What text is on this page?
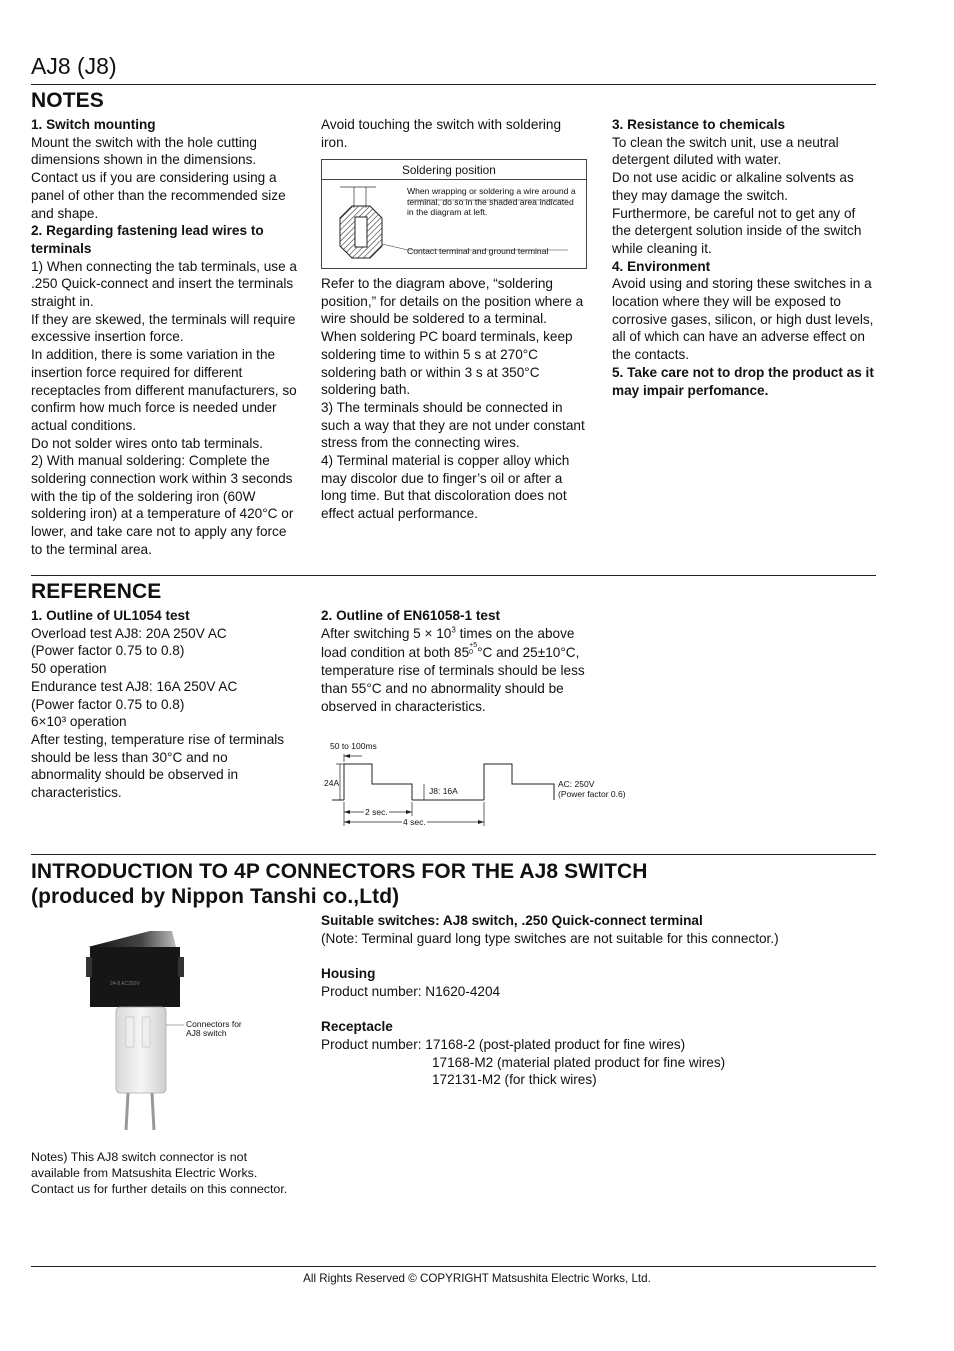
AJ8 (J8)
NOTES

1. Switch mounting

Mount the switch with the hole cutting dimensions shown in the dimensions. Contact us if you are considering using a panel of other than the recommended size and shape.

2. Regarding fastening lead wires to terminals

1) When connecting the tab terminals, use a .250 Quick-connect and insert the terminals straight in.

If they are skewed, the terminals will require excessive insertion force.

In addition, there is some variation in the insertion force required for different receptacles from different manufacturers, so confirm how much force is needed under actual conditions.

Do not solder wires onto tab terminals.

2) With manual soldering: Complete the soldering connection work within 3 seconds with the tip of the soldering iron (60W soldering iron) at a temperature of 420°C or lower, and take care not to apply any force to the terminal area.

Avoid touching the switch with soldering iron.

Soldering position
When wrapping or soldering a wire around a terminal, do so in the shaded area indicated in the diagram at left.
Contact terminal and ground terminal

Refer to the diagram above, “soldering position,” for details on the position where a wire should be soldered to a terminal.

When soldering PC board terminals, keep soldering time to within 5 s at 270°C soldering bath or within 3 s at 350°C soldering bath.

3) The terminals should be connected in such a way that they are not under constant stress from the connecting wires.

4) Terminal material is copper alloy which may discolor due to finger’s oil or after a long time. But that discoloration does not effect actual performance.

3. Resistance to chemicals

To clean the switch unit, use a neutral detergent diluted with water.

Do not use acidic or alkaline solvents as they may damage the switch.

Furthermore, be careful not to get any of the detergent solution inside of the switch while cleaning it.

4. Environment

Avoid using and storing these switches in a location where they will be exposed to corrosive gases, silicon, or high dust levels, all of which can have an adverse effect on the contacts.

5. Take care not to drop the product as it may impair perfomance.

REFERENCE

1. Outline of UL1054 test

Overload test AJ8: 20A 250V AC

(Power factor 0.75 to 0.8)

50 operation

Endurance test AJ8: 16A 250V AC

(Power factor 0.75 to 0.8)

6×10³ operation

After testing, temperature rise of terminals should be less than 30°C and no abnormality should be observed in characteristics.

2. Outline of EN61058-1 test

After switching $5 \times 10^3$ times on the above load condition at both 85 +5
0 °C and 25±10°C, temperature rise of terminals should be less than 55°C and no abnormality should be observed in characteristics.

50 to 100ms
24A
J8: 16A
AC: 250V
(Power factor 0.6)
2 sec.
4 sec.
INTRODUCTION TO 4P CONNECTORS FOR THE AJ8 SWITCH
(produced by Nippon Tanshi co.,Ltd)
24-8 AC250V
Connectors for
AJ8 switch
Notes) This AJ8 switch connector is not
available from Matsushita Electric Works.
Contact us for further details on this connector.

Suitable switches: AJ8 switch, .250 Quick-connect terminal

(Note: Terminal guard long type switches are not suitable for this connector.)

Housing

Product number: N1620-4204

Receptacle

Product number: 17168-2 (post-plated product for fine wires)

17168-M2 (material plated product for fine wires)

172131-M2 (for thick wires)

All Rights Reserved © COPYRIGHT Matsushita Electric Works, Ltd.
